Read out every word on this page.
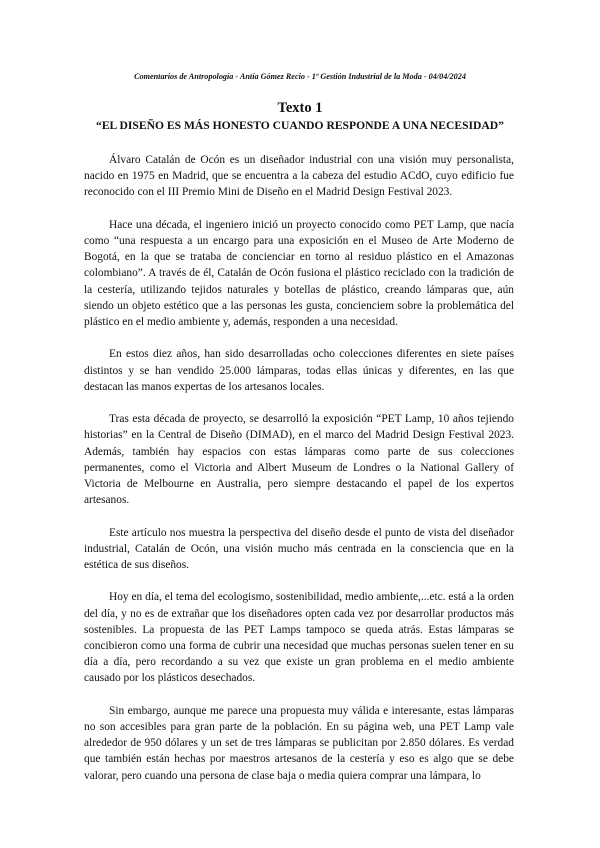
Comentarios de Antropología - Antía Gómez Recio - 1º Gestión Industrial de la Moda - 04/04/2024
Texto 1
“EL DISEÑO ES MÁS HONESTO CUANDO RESPONDE A UNA NECESIDAD”

Álvaro Catalán de Ocón es un diseñador industrial con una visión muy personalista, nacido en 1975 en Madrid, que se encuentra a la cabeza del estudio ACdO, cuyo edificio fue reconocido con el III Premio Mini de Diseño en el Madrid Design Festival 2023.

Hace una década, el ingeniero inició un proyecto conocido como PET Lamp, que nacía como “una respuesta a un encargo para una exposición en el Museo de Arte Moderno de Bogotá, en la que se trataba de concienciar en torno al residuo plástico en el Amazonas colombiano”. A través de él, Catalán de Ocón fusiona el plástico reciclado con la tradición de la cestería, utilizando tejidos naturales y botellas de plástico, creando lámparas que, aún siendo un objeto estético que a las personas les gusta, concienciem sobre la problemática del plástico en el medio ambiente y, además, responden a una necesidad.

En estos diez años, han sido desarrolladas ocho colecciones diferentes en siete países distintos y se han vendido 25.000 lámparas, todas ellas únicas y diferentes, en las que destacan las manos expertas de los artesanos locales.

Tras esta década de proyecto, se desarrolló la exposición “PET Lamp, 10 años tejiendo historias” en la Central de Diseño (DIMAD), en el marco del Madrid Design Festival 2023. Además, también hay espacios con estas lámparas como parte de sus colecciones permanentes, como el Victoria and Albert Museum de Londres o la National Gallery of Victoria de Melbourne en Australia, pero siempre destacando el papel de los expertos artesanos.

Este artículo nos muestra la perspectiva del diseño desde el punto de vista del diseñador industrial, Catalán de Ocón, una visión mucho más centrada en la consciencia que en la estética de sus diseños.

Hoy en día, el tema del ecologismo, sostenibilidad, medio ambiente,...etc. está a la orden del día, y no es de extrañar que los diseñadores opten cada vez por desarrollar productos más sostenibles. La propuesta de las PET Lamps tampoco se queda atrás. Estas lámparas se concibieron como una forma de cubrir una necesidad que muchas personas suelen tener en su día a día, pero recordando a su vez que existe un gran problema en el medio ambiente causado por los plásticos desechados.

Sin embargo, aunque me parece una propuesta muy válida e interesante, estas lámparas no son accesibles para gran parte de la población. En su página web, una PET Lamp vale alrededor de 950 dólares y un set de tres lámparas se publicitan por 2.850 dólares. Es verdad que también están hechas por maestros artesanos de la cestería y eso es algo que se debe valorar, pero cuando una persona de clase baja o media quiera comprar una lámpara, lo
